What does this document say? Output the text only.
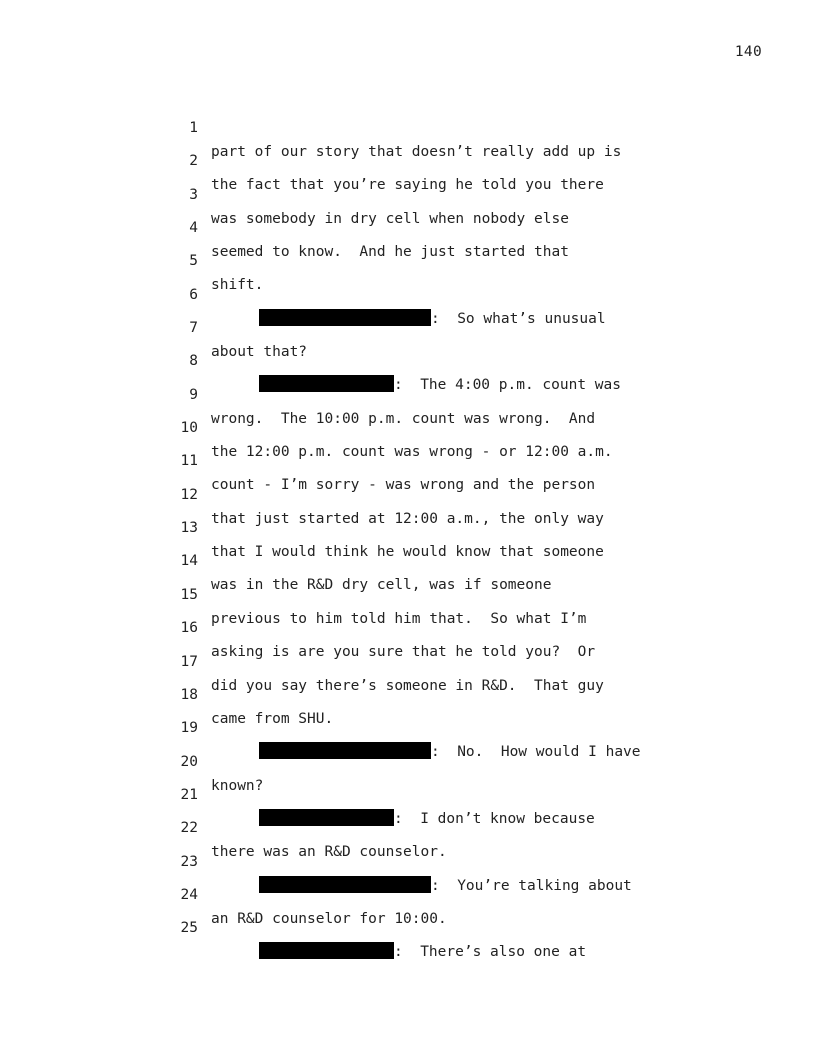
140

1

part of our story that doesn’t really add up is

2

the fact that you’re saying he told you there

3

was somebody in dry cell when nobody else

4

seemed to know.  And he just started that

5

shift.

6

:  So what’s unusual

7

about that?

8

:  The 4:00 p.m. count was

9

wrong.  The 10:00 p.m. count was wrong.  And

10

the 12:00 p.m. count was wrong - or 12:00 a.m.

11

count - I’m sorry - was wrong and the person

12

that just started at 12:00 a.m., the only way

13

that I would think he would know that someone

14

was in the R&D dry cell, was if someone

15

previous to him told him that.  So what I’m

16

asking is are you sure that he told you?  Or

17

did you say there’s someone in R&D.  That guy

18

came from SHU.

19

:  No.  How would I have

20

known?

21

:  I don’t know because

22

there was an R&D counselor.

23

:  You’re talking about

24

an R&D counselor for 10:00.

25

:  There’s also one at
